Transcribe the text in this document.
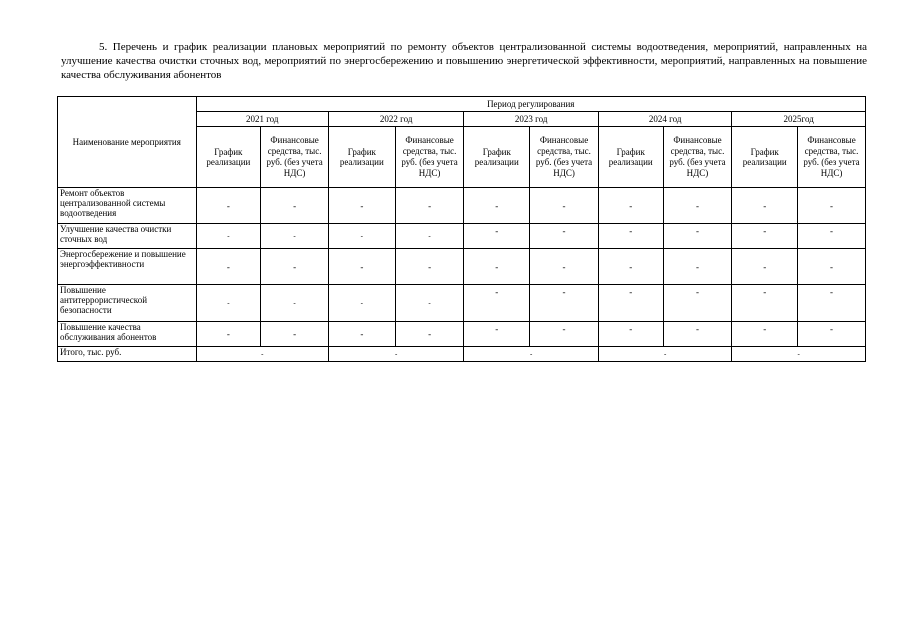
5. Перечень и график реализации плановых мероприятий по ремонту объектов централизованной системы водоотведения, мероприятий, направленных на улучшение качества очистки сточных вод, мероприятий по энергосбережению и повышению энергетической эффективности, мероприятий, направленных на повышение качества обслуживания абонентов
Наименование мероприятия	Период регулирования									
	2021 год		2022 год		2023 год		2024 год		2025год	
	График реализации	Финансовые средства, тыс. руб. (без учета НДС)	График реализации	Финансовые средства, тыс. руб. (без учета НДС)	График реализации	Финансовые средства, тыс. руб. (без учета НДС)	График реализации	Финансовые средства, тыс. руб. (без учета НДС)	График реализации	Финансовые средства, тыс. руб. (без учета НДС)
Ремонт объектов централизованной системы водоотведения	-	-	-	-	-	-	-	-	-	-
Улучшение качества очистки сточных вод	-	-	-	-	-	-	-	-	-	-
Энергосбережение и повышение энергоэффективности	-	-	-	-	-	-	-	-	-	-
Повышение антитеррористической безопасности	-	-	-	-	-	-	-	-	-	-
Повышение качества обслуживания абонентов	-	-	-	-	-	-	-	-	-	-
Итого, тыс. руб.	-		-		-		-		-	
